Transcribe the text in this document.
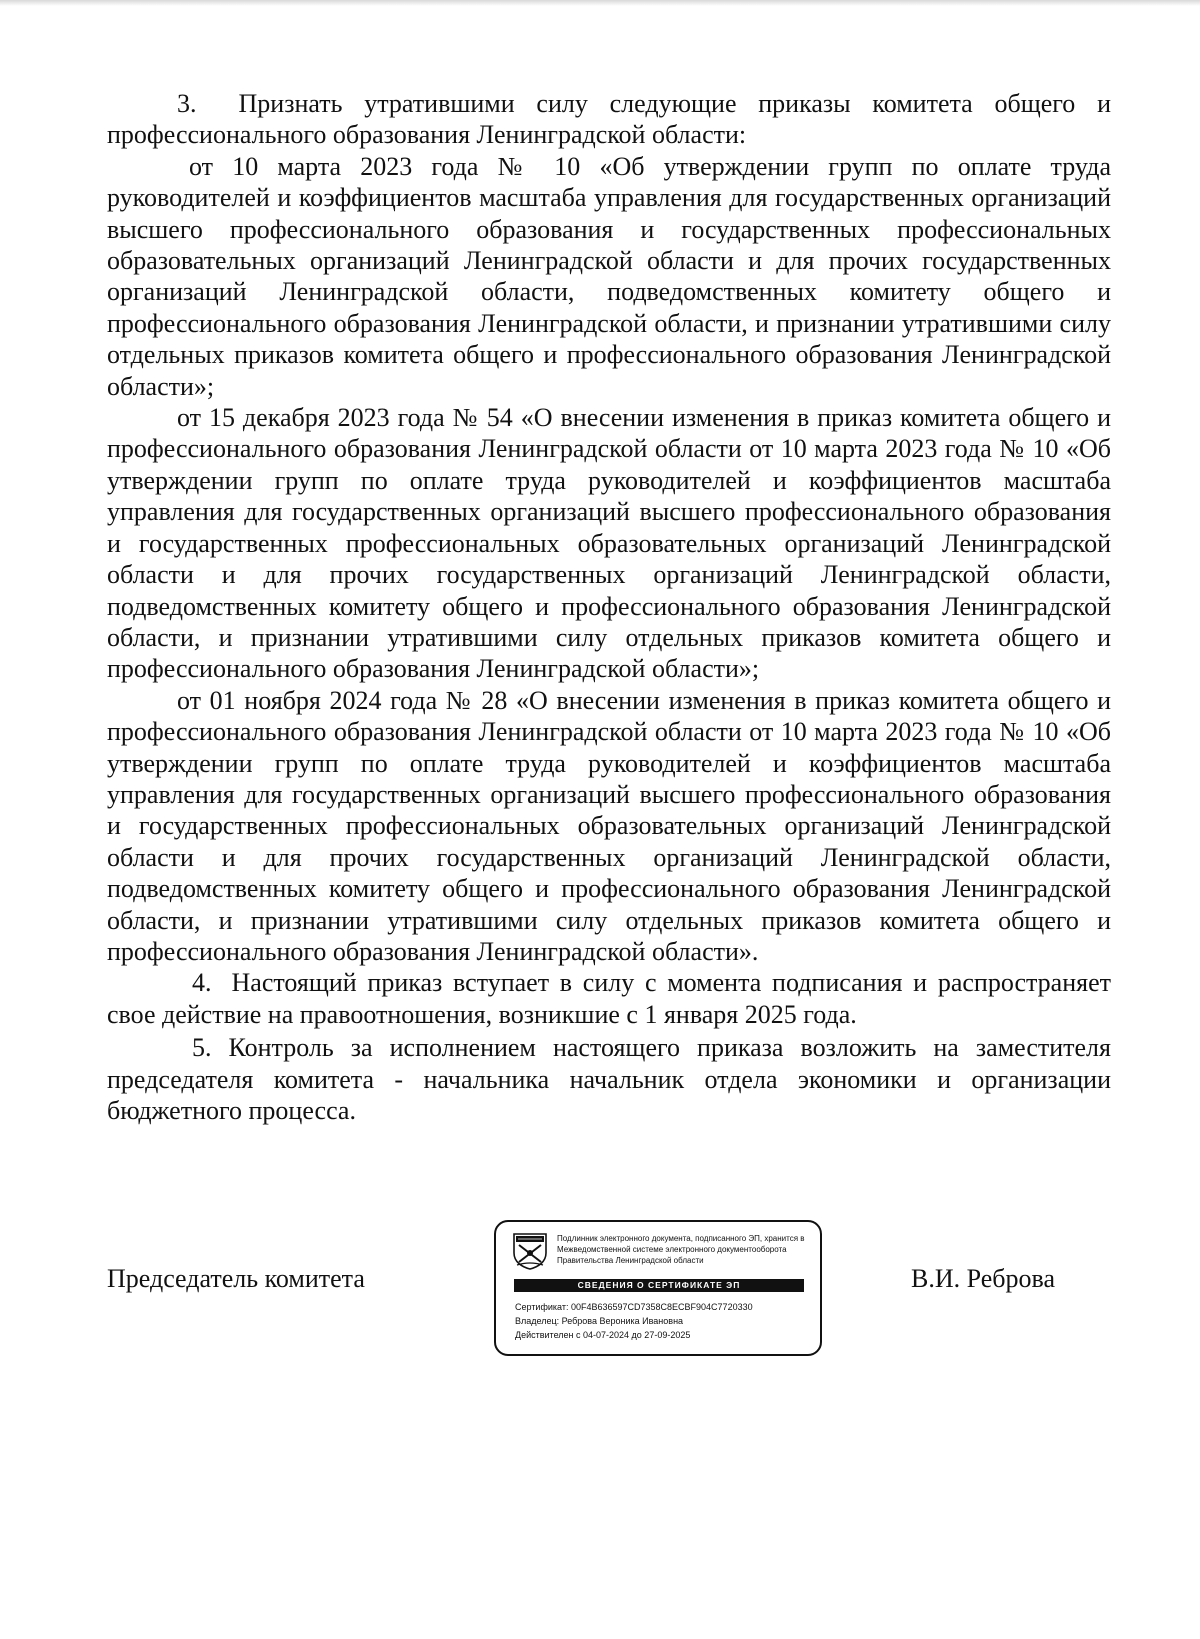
3. Признать утратившими силу следующие приказы комитета общего и профессионального образования Ленинградской области:

от 10 марта 2023 года № 10 «Об утверждении групп по оплате труда руководителей и коэффициентов масштаба управления для государственных организаций высшего профессионального образования и государственных профессиональных образовательных организаций Ленинградской области и для прочих государственных организаций Ленинградской области, подведомственных комитету общего и профессионального образования Ленинградской области, и признании утратившими силу отдельных приказов комитета общего и профессионального образования Ленинградской области»;

от 15 декабря 2023 года № 54 «О внесении изменения в приказ комитета общего и профессионального образования Ленинградской области от 10 марта 2023 года № 10 «Об утверждении групп по оплате труда руководителей и коэффициентов масштаба управления для государственных организаций высшего профессионального образования и государственных профессиональных образовательных организаций Ленинградской области и для прочих государственных организаций Ленинградской области, подведомственных комитету общего и профессионального образования Ленинградской области, и признании утратившими силу отдельных приказов комитета общего и профессионального образования Ленинградской области»;

от 01 ноября 2024 года № 28 «О внесении изменения в приказ комитета общего и профессионального образования Ленинградской области от 10 марта 2023 года № 10 «Об утверждении групп по оплате труда руководителей и коэффициентов масштаба управления для государственных организаций высшего профессионального образования и государственных профессиональных образовательных организаций Ленинградской области и для прочих государственных организаций Ленинградской области, подведомственных комитету общего и профессионального образования Ленинградской области, и признании утратившими силу отдельных приказов комитета общего и профессионального образования Ленинградской области».

4. Настоящий приказ вступает в силу с момента подписания и распространяет свое действие на правоотношения, возникшие с 1 января 2025 года.

5. Контроль за исполнением настоящего приказа возложить на заместителя председателя комитета - начальника начальник отдела экономики и организации бюджетного процесса.

Председатель комитета	В.И. Реброва
Подлинник электронного документа, подписанного ЭП, хранится в Межведомственной системе электронного документооборота Правительства Ленинградской области
СВЕДЕНИЯ О СЕРТИФИКАТЕ ЭП
Сертификат: 00F4B636597CD7358C8ECBF904C7720330
Владелец: Реброва Вероника Ивановна
Действителен с 04-07-2024 до 27-09-2025
